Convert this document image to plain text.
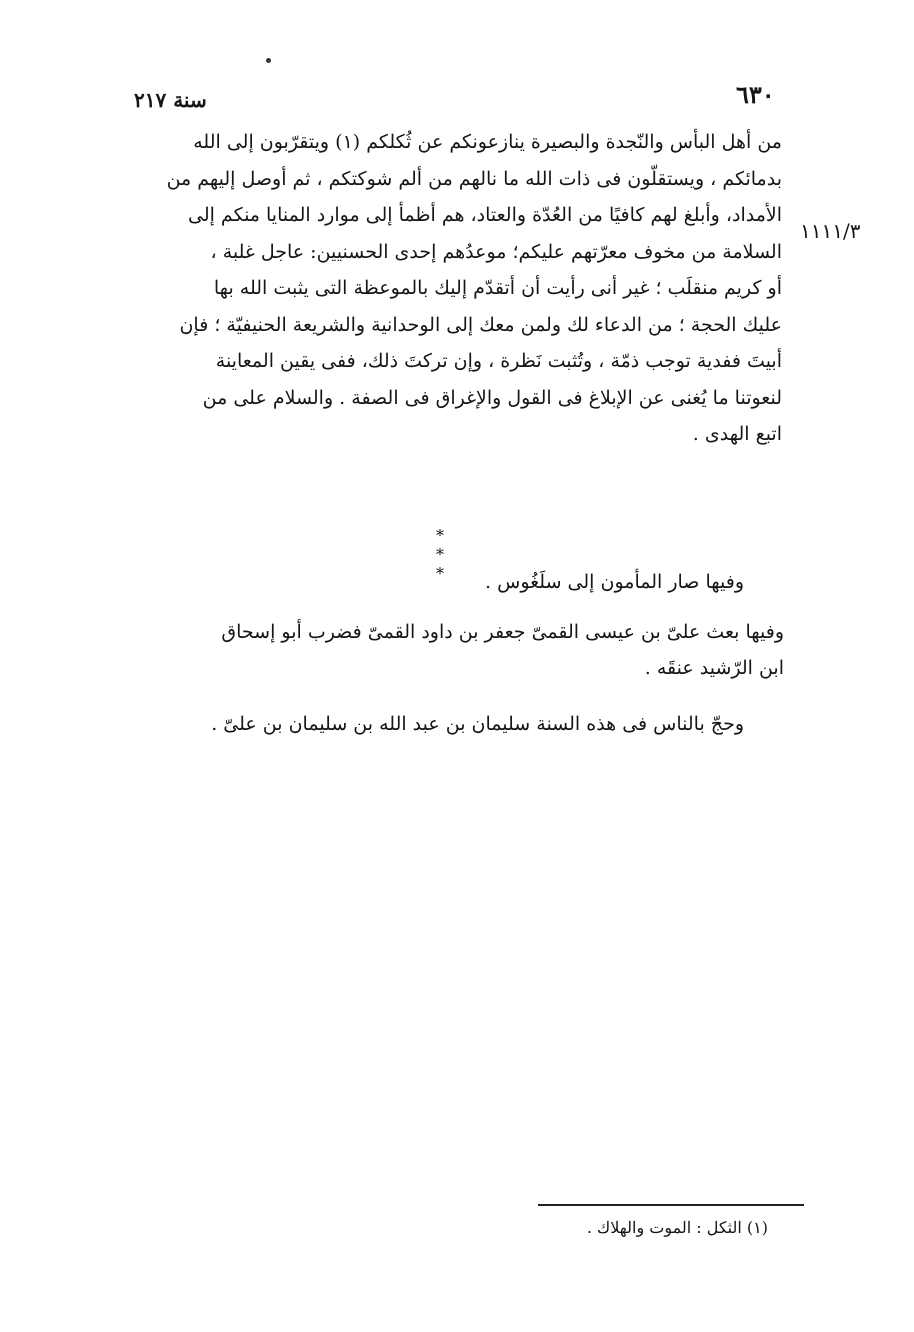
سنة ٢١٧	٦٣٠
١١١١/٣
من أهل البأس والنّجدة والبصيرة ينازعونكم عن ثُكلكم (١) ويتقرّبون إلى الله
بدمائكم ، ويستقلّون فى ذات الله ما نالهم من ألم شوكتكم ، ثم أوصل إليهم من
الأمداد، وأبلغ لهم كافيًا من العُدّة والعتاد، هم أظمأ إلى موارد المنايا منكم إلى
السلامة من مخوف معرّتهم عليكم؛ موعدُهم إحدى الحسنيين: عاجل غلبة ،
أو كريم منقلَب ؛ غير أنى رأيت أن أتقدّم إليك بالموعظة التى يثبت الله بها
عليك الحجة ؛ من الدعاء لك ولمن معك إلى الوحدانية والشريعة الحنيفيّة ؛ فإن
أبيتَ ففدية توجب ذمّة ، وتُثبت نَظرة ، وإن تركتَ ذلك، ففى يقين المعاينة
لنعوتنا ما يُغنى عن الإبلاغ فى القول والإغراق فى الصفة . والسلام على من
اتبع الهدى .
* * *	وفيها صار المأمون إلى سلَغُوس .
وفيها بعث علىّ بن عيسى القمىّ جعفر بن داود القمىّ فضرب أبو إسحاق
ابن الرّشيد عنقَه .
وحجّ بالناس فى هذه السنة سليمان بن عبد الله بن سليمان بن علىّ .
(١) الثكل : الموت والهلاك .
